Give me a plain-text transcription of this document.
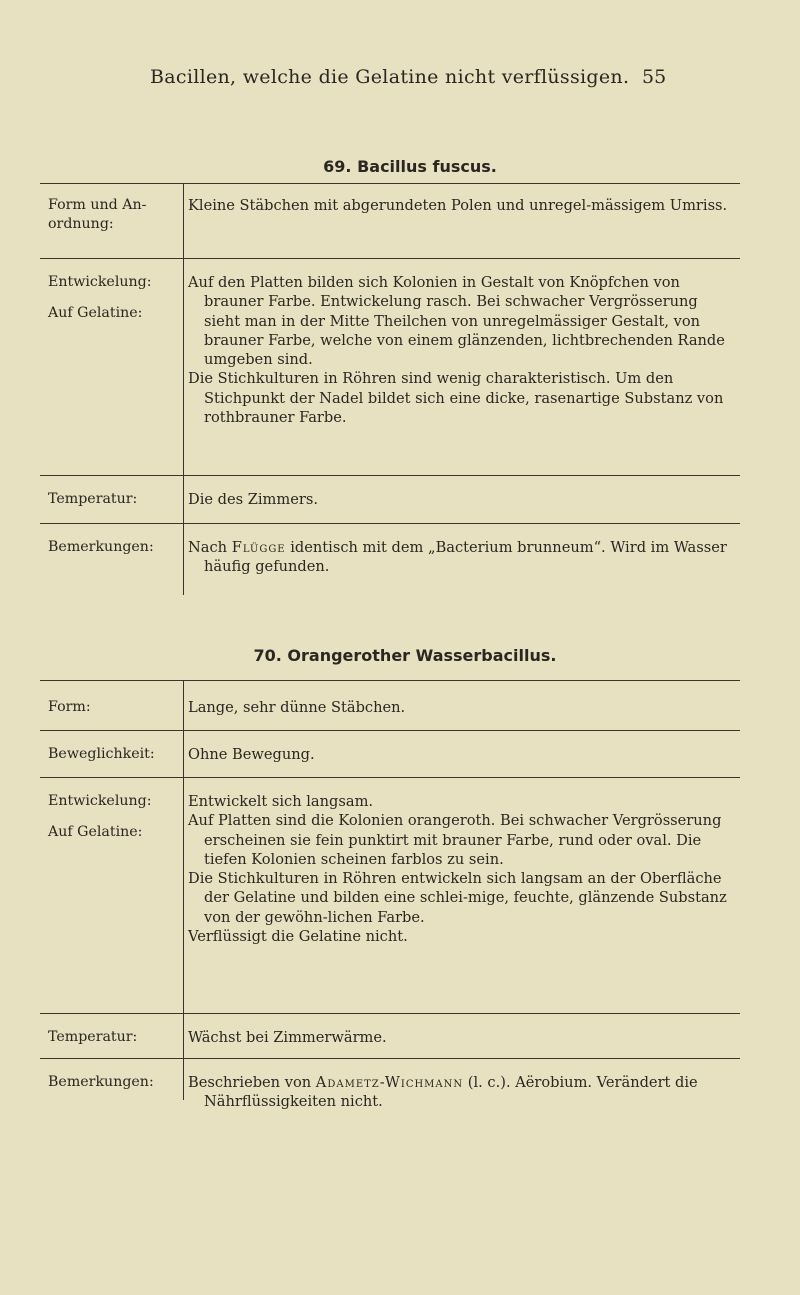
Bacillen, welche die Gelatine nicht verflüssigen. 55
69. Bacillus fuscus.
Form und An-
ordnung:

Kleine Stäbchen mit abgerundeten Polen und unregel-mässigem Umriss.

Entwickelung:
Auf Gelatine:

Auf den Platten bilden sich Kolonien in Gestalt von Knöpfchen von brauner Farbe. Entwickelung rasch. Bei schwacher Vergrösserung sieht man in der Mitte Theilchen von unregelmässiger Gestalt, von brauner Farbe, welche von einem glänzenden, lichtbrechenden Rande umgeben sind.

Die Stichkulturen in Röhren sind wenig charakteristisch. Um den Stichpunkt der Nadel bildet sich eine dicke, rasenartige Substanz von rothbrauner Farbe.

Temperatur:	Die des Zimmers.

Bemerkungen:	Nach Flügge identisch mit dem „Bacterium brunneum“. Wird im Wasser häufig gefunden.

70. Orangerother Wasserbacillus.
Form:	Lange, sehr dünne Stäbchen.

Beweglichkeit:	Ohne Bewegung.

Entwickelung:
Auf Gelatine:

Entwickelt sich langsam.

Auf Platten sind die Kolonien orangeroth. Bei schwacher Vergrösserung erscheinen sie fein punktirt mit brauner Farbe, rund oder oval. Die tiefen Kolonien scheinen farblos zu sein.

Die Stichkulturen in Röhren entwickeln sich langsam an der Oberfläche der Gelatine und bilden eine schlei-mige, feuchte, glänzende Substanz von der gewöhn-lichen Farbe.

Verflüssigt die Gelatine nicht.

Temperatur:	Wächst bei Zimmerwärme.

Bemerkungen:	Beschrieben von Adametz-Wichmann (l. c.). Aërobium. Verändert die Nährflüssigkeiten nicht.
